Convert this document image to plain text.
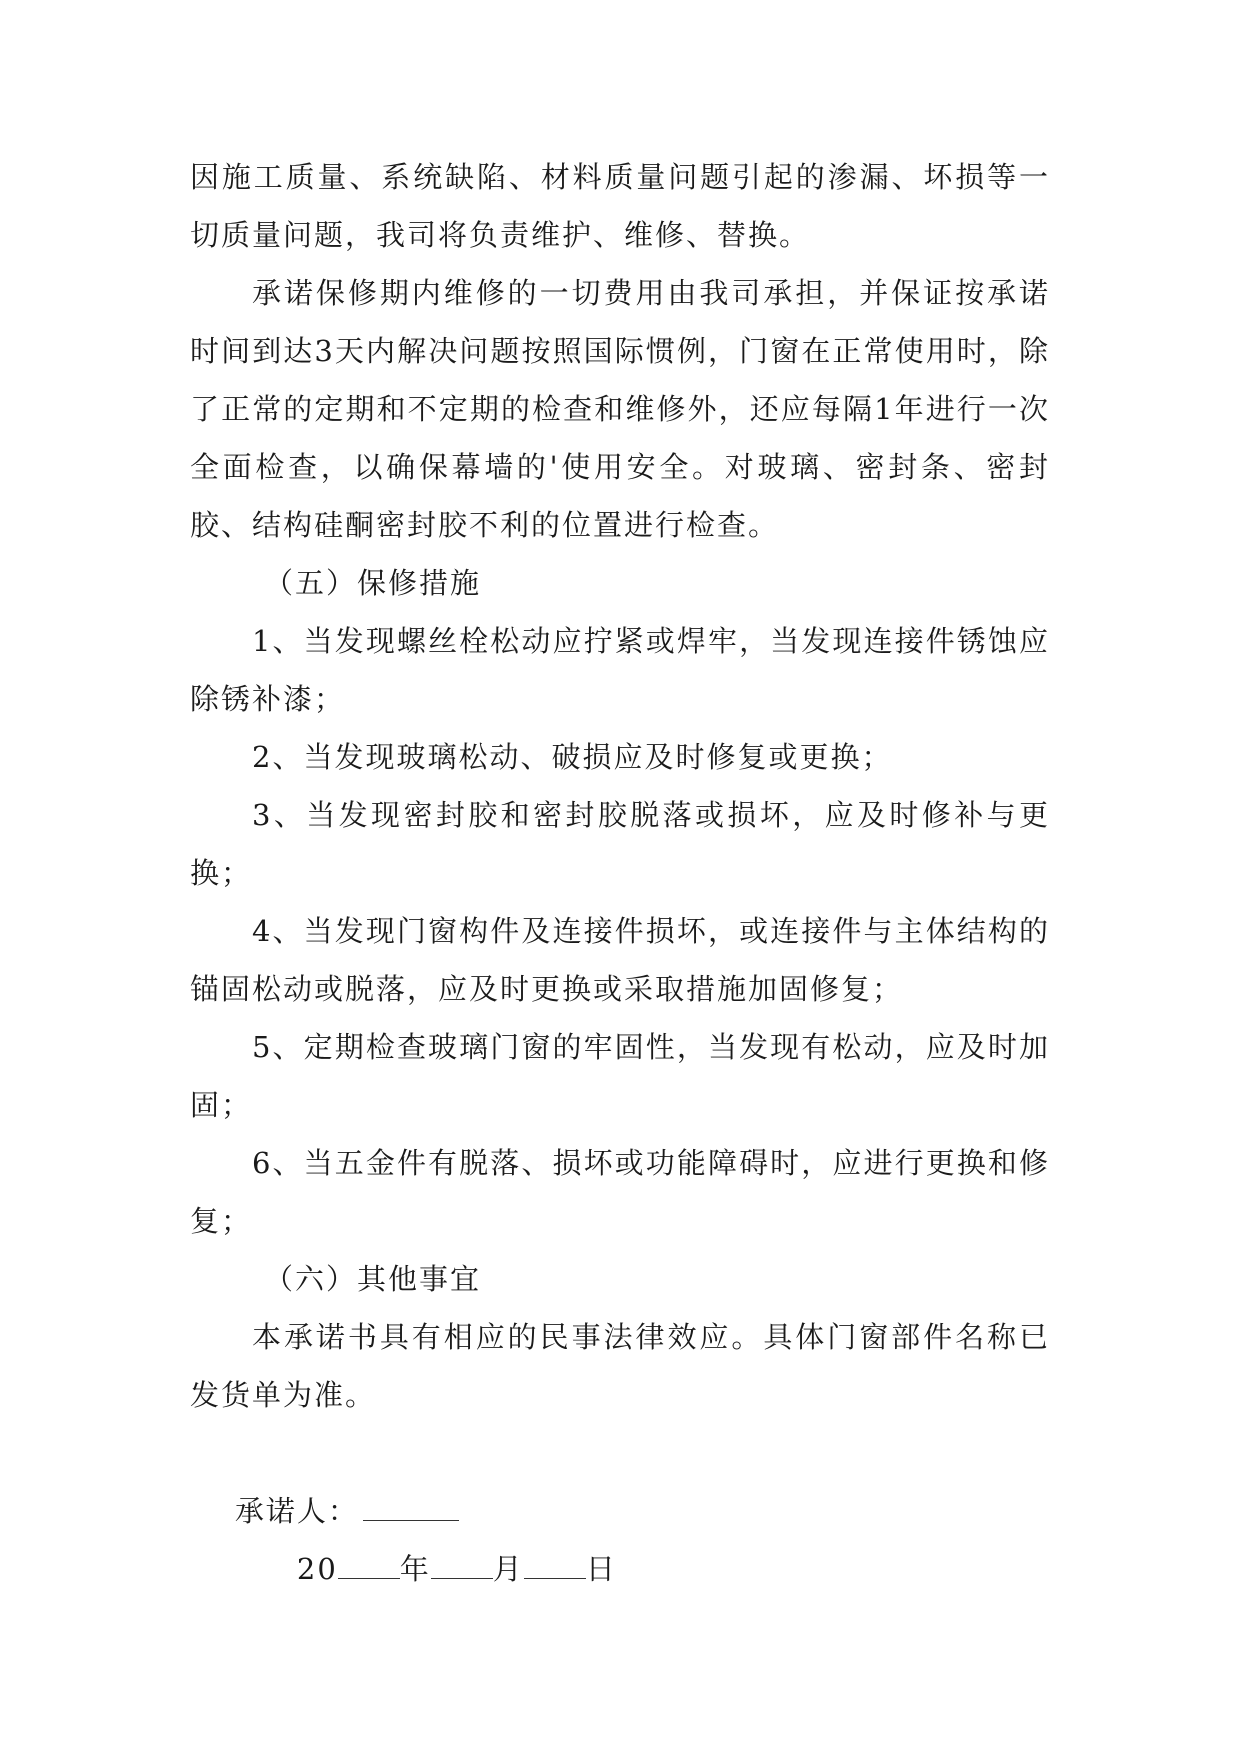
因施工质量、系统缺陷、材料质量问题引起的渗漏、坏损等一切质量问题，我司将负责维护、维修、替换。

承诺保修期内维修的一切费用由我司承担，并保证按承诺时间到达3天内解决问题按照国际惯例，门窗在正常使用时，除了正常的定期和不定期的检查和维修外，还应每隔1年进行一次全面检查，以确保幕墙的'使用安全。对玻璃、密封条、密封胶、结构硅酮密封胶不利的位置进行检查。

（五）保修措施

1、当发现螺丝栓松动应拧紧或焊牢，当发现连接件锈蚀应除锈补漆；

2、当发现玻璃松动、破损应及时修复或更换；

3、当发现密封胶和密封胶脱落或损坏，应及时修补与更换；

4、当发现门窗构件及连接件损坏，或连接件与主体结构的锚固松动或脱落，应及时更换或采取措施加固修复；

5、定期检查玻璃门窗的牢固性，当发现有松动，应及时加固；

6、当五金件有脱落、损坏或功能障碍时，应进行更换和修复；

（六）其他事宜

本承诺书具有相应的民事法律效应。具体门窗部件名称已发货单为准。

承诺人：

20 年 月 日
